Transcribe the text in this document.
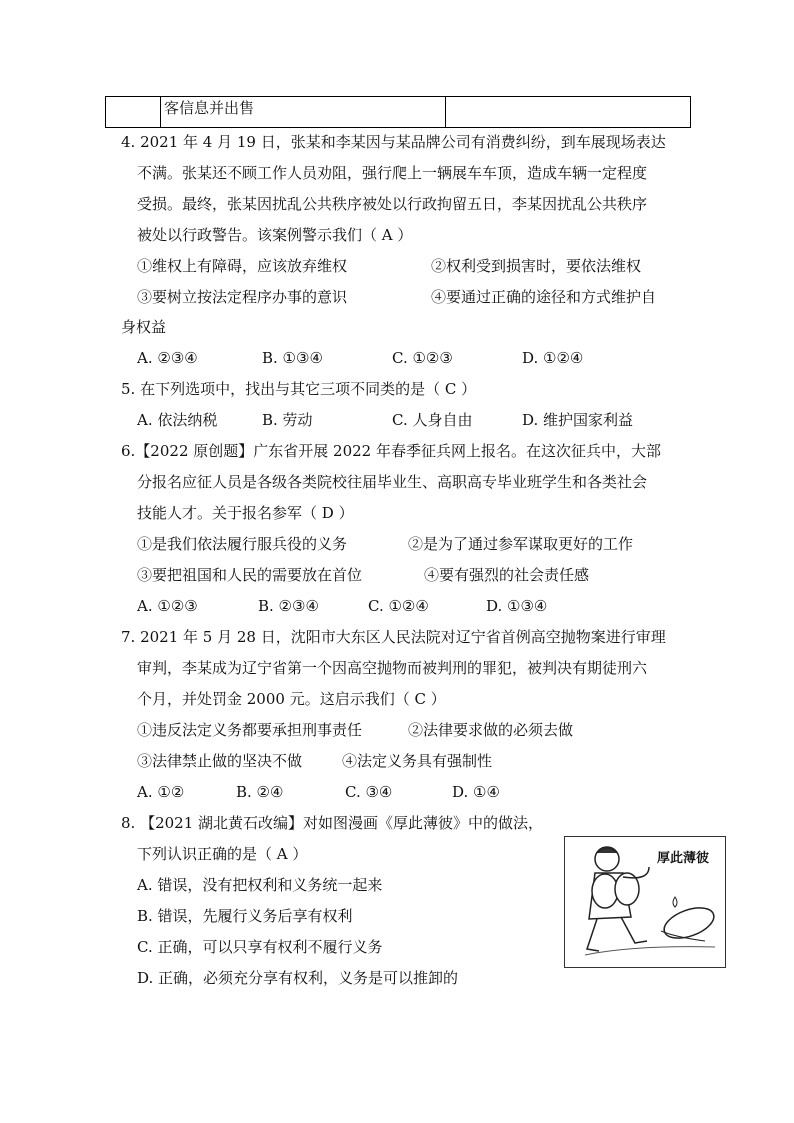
客信息并出售
4. 2021 年 4 月 19 日，张某和李某因与某品牌公司有消费纠纷，到车展现场表达
不满。张某还不顾工作人员劝阻，强行爬上一辆展车车顶，造成车辆一定程度
受损。最终，张某因扰乱公共秩序被处以行政拘留五日，李某因扰乱公共秩序
被处以行政警告。该案例警示我们（ A ）
①维权上有障碍，应该放弃维权	②权利受到损害时，要依法维权
③要树立按法定程序办事的意识	④要通过正确的途径和方式维护自
身权益
A. ②③④	B. ①③④	C. ①②③	D. ①②④
5. 在下列选项中，找出与其它三项不同类的是（ C ）
A. 依法纳税	B. 劳动	C. 人身自由	D. 维护国家利益
6.【2022 原创题】广东省开展 2022 年春季征兵网上报名。在这次征兵中，大部
分报名应征人员是各级各类院校往届毕业生、高职高专毕业班学生和各类社会
技能人才。关于报名参军（ D ）
①是我们依法履行服兵役的义务	②是为了通过参军谋取更好的工作
③要把祖国和人民的需要放在首位	④要有强烈的社会责任感
A. ①②③	B. ②③④	C. ①②④	D. ①③④
7. 2021 年 5 月 28 日，沈阳市大东区人民法院对辽宁省首例高空抛物案进行审理
审判，李某成为辽宁省第一个因高空抛物而被判刑的罪犯，被判决有期徒刑六
个月，并处罚金 2000 元。这启示我们（ C ）
①违反法定义务都要承担刑事责任	②法律要求做的必须去做
③法律禁止做的坚决不做	④法定义务具有强制性
A. ①②	B. ②④	C. ③④	D. ①④
8. 【2021 湖北黄石改编】对如图漫画《厚此薄彼》中的做法，
下列认识正确的是（ A ）
A. 错误，没有把权利和义务统一起来
B. 错误，先履行义务后享有权利
C. 正确，可以只享有权利不履行义务
D. 正确，必须充分享有权利，义务是可以推卸的
厚此薄彼
